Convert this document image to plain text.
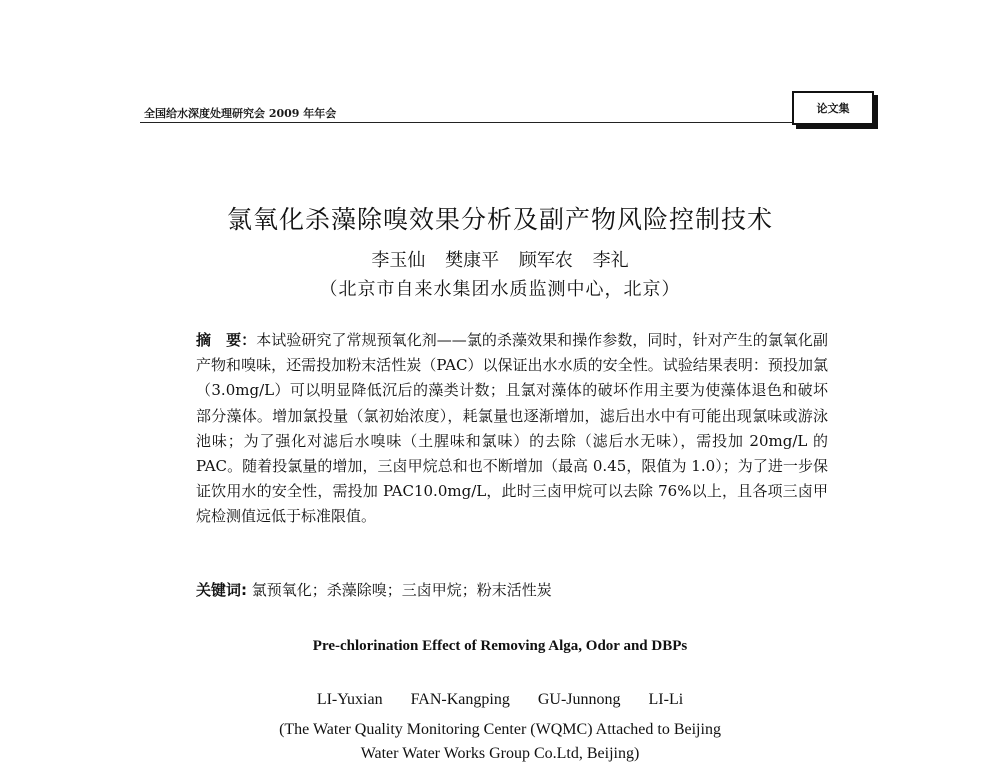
全国给水深度处理研究会 2009 年年会	论文集
氯氧化杀藻除嗅效果分析及副产物风险控制技术
李玉仙 樊康平 顾军农 李礼
（北京市自来水集团水质监测中心，北京）
摘　要：本试验研究了常规预氧化剂——氯的杀藻效果和操作参数，同时，针对产生的氯氧化副产物和嗅味，还需投加粉末活性炭（PAC）以保证出水水质的安全性。试验结果表明：预投加氯（3.0mg/L）可以明显降低沉后的藻类计数；且氯对藻体的破坏作用主要为使藻体退色和破坏部分藻体。增加氯投量（氯初始浓度），耗氯量也逐渐增加，滤后出水中有可能出现氯味或游泳池味；为了强化对滤后水嗅味（土腥味和氯味）的去除（滤后水无味），需投加 20mg/L 的 PAC。随着投氯量的增加，三卤甲烷总和也不断增加（最高 0.45，限值为 1.0）；为了进一步保证饮用水的安全性，需投加 PAC10.0mg/L，此时三卤甲烷可以去除 76%以上，且各项三卤甲烷检测值远低于标准限值。
关键词: 氯预氧化；杀藻除嗅；三卤甲烷；粉末活性炭
Pre-chlorination Effect of Removing Alga, Odor and DBPs
LI-Yuxian FAN-Kangping GU-Junnong LI-Li
(The Water Quality Monitoring Center (WQMC) Attached to Beijing
Water Water Works Group Co.Ltd, Beijing)
